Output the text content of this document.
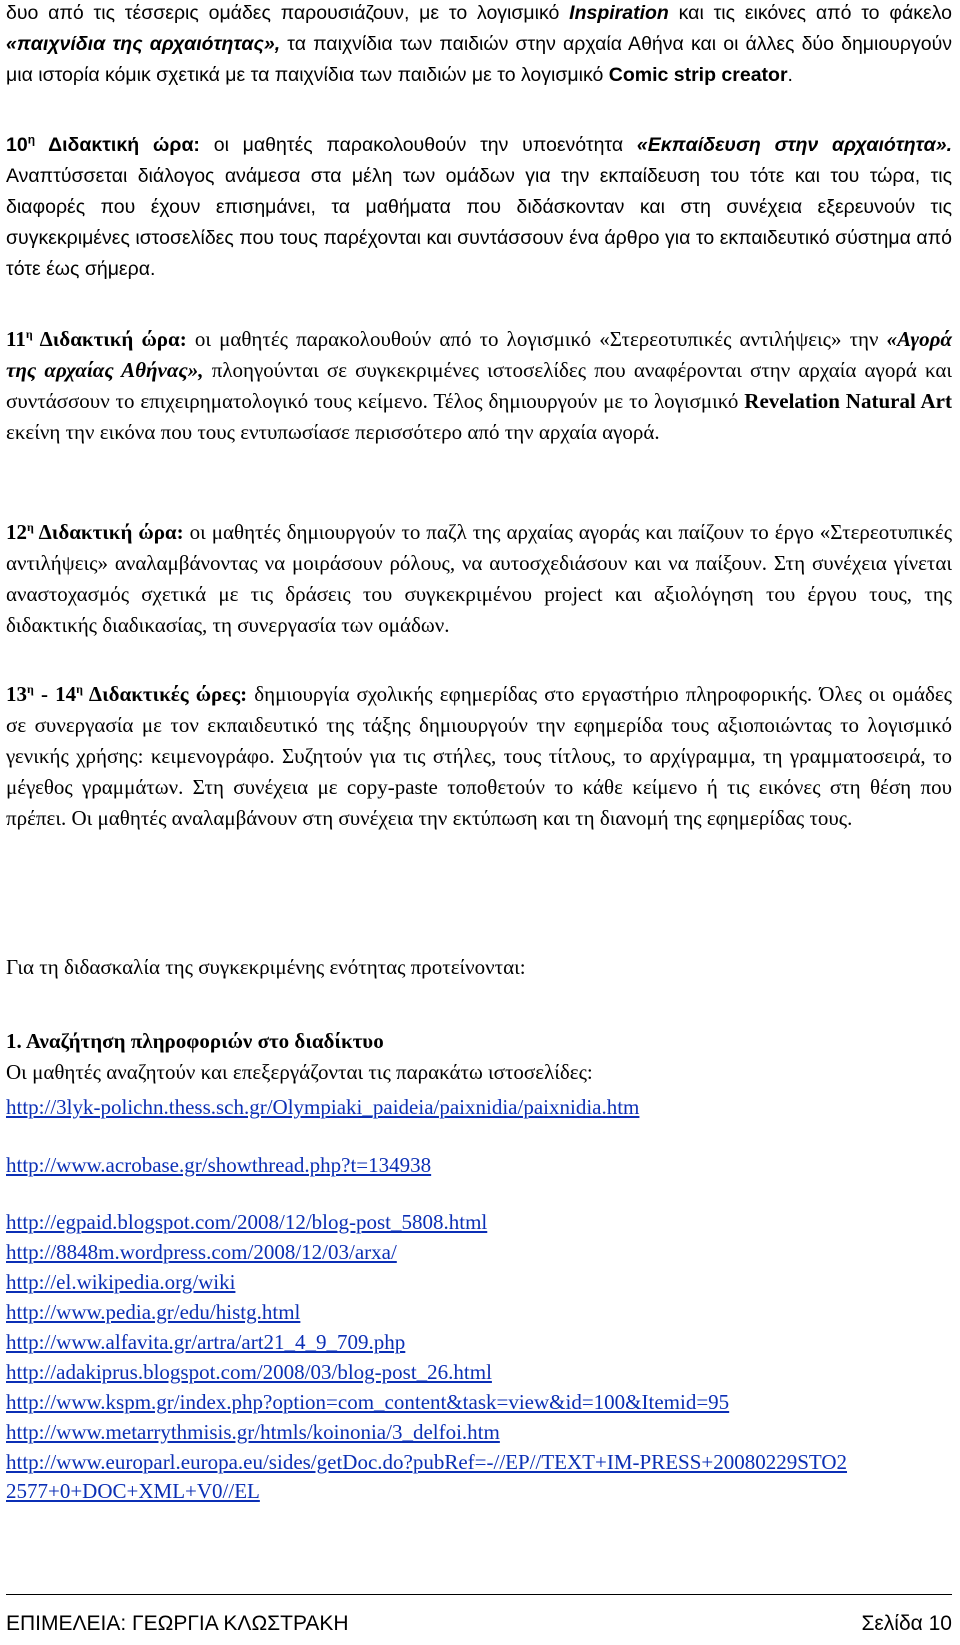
δυο από τις τέσσερις ομάδες παρουσιάζουν, με το λογισμικό Inspiration και τις εικόνες από το φάκελο «παιχνίδια της αρχαιότητας», τα παιχνίδια των παιδιών στην αρχαία Αθήνα και οι άλλες δύο δημιουργούν μια ιστορία κόμικ σχετικά με τα παιχνίδια των παιδιών με το λογισμικό Comic strip creator.

$10^\eta$ Διδακτική ώρα: οι μαθητές παρακολουθούν την υποενότητα «Εκπαίδευση στην αρχαιότητα». Αναπτύσσεται διάλογος ανάμεσα στα μέλη των ομάδων για την εκπαίδευση του τότε και του τώρα, τις διαφορές που έχουν επισημάνει, τα μαθήματα που διδάσκονταν και στη συνέχεια εξερευνούν τις συγκεκριμένες ιστοσελίδες που τους παρέχονται και συντάσσουν ένα άρθρο για το εκπαιδευτικό σύστημα από τότε έως σήμερα.

$11^\eta$ Διδακτική ώρα: οι μαθητές παρακολουθούν από το λογισμικό «Στερεοτυπικές αντιλήψεις» την «Αγορά της αρχαίας Αθήνας», πλοηγούνται σε συγκεκριμένες ιστοσελίδες που αναφέρονται στην αρχαία αγορά και συντάσσουν το επιχειρηματολογικό τους κείμενο. Τέλος δημιουργούν με το λογισμικό Revelation Natural Art εκείνη την εικόνα που τους εντυπωσίασε περισσότερο από την αρχαία αγορά.

$12^\eta$ Διδακτική ώρα: οι μαθητές δημιουργούν το παζλ της αρχαίας αγοράς και παίζουν το έργο «Στερεοτυπικές αντιλήψεις» αναλαμβάνοντας να μοιράσουν ρόλους, να αυτοσχεδιάσουν και να παίξουν. Στη συνέχεια γίνεται αναστοχασμός σχετικά με τις δράσεις του συγκεκριμένου project και αξιολόγηση του έργου τους, της διδακτικής διαδικασίας, τη συνεργασία των ομάδων.

$13^\eta - 14^\eta$ Διδακτικές ώρες: δημιουργία σχολικής εφημερίδας στο εργαστήριο πληροφορικής. Όλες οι ομάδες σε συνεργασία με τον εκπαιδευτικό της τάξης δημιουργούν την εφημερίδα τους αξιοποιώντας το λογισμικό γενικής χρήσης: κειμενογράφο. Συζητούν για τις στήλες, τους τίτλους, το αρχίγραμμα, τη γραμματοσειρά, το μέγεθος γραμμάτων. Στη συνέχεια με copy-paste τοποθετούν το κάθε κείμενο ή τις εικόνες στη θέση που πρέπει. Οι μαθητές αναλαμβάνουν στη συνέχεια την εκτύπωση και τη διανομή της εφημερίδας τους.

Για τη διδασκαλία της συγκεκριμένης ενότητας προτείνονται:

1. Αναζήτηση πληροφοριών στο διαδίκτυο

Οι μαθητές αναζητούν και επεξεργάζονται τις παρακάτω ιστοσελίδες:

http://3lyk-polichn.thess.sch.gr/Olympiaki_paideia/paixnidia/paixnidia.htm
http://www.acrobase.gr/showthread.php?t=134938
http://egpaid.blogspot.com/2008/12/blog-post_5808.html
http://8848m.wordpress.com/2008/12/03/arxa/
http://el.wikipedia.org/wiki
http://www.pedia.gr/edu/histg.html
http://www.alfavita.gr/artra/art21_4_9_709.php
http://adakiprus.blogspot.com/2008/03/blog-post_26.html
http://www.kspm.gr/index.php?option=com_content&task=view&id=100&Itemid=95
http://www.metarrythmisis.gr/htmls/koinonia/3_delfoi.htm
http://www.europarl.europa.eu/sides/getDoc.do?pubRef=-//EP//TEXT+IM-PRESS+20080229STO22577+0+DOC+XML+V0//EL
ΕΠΙΜΕΛΕΙΑ: ΓΕΩΡΓΙΑ ΚΛΩΣΤΡΑΚΗ	Σελίδα 10
